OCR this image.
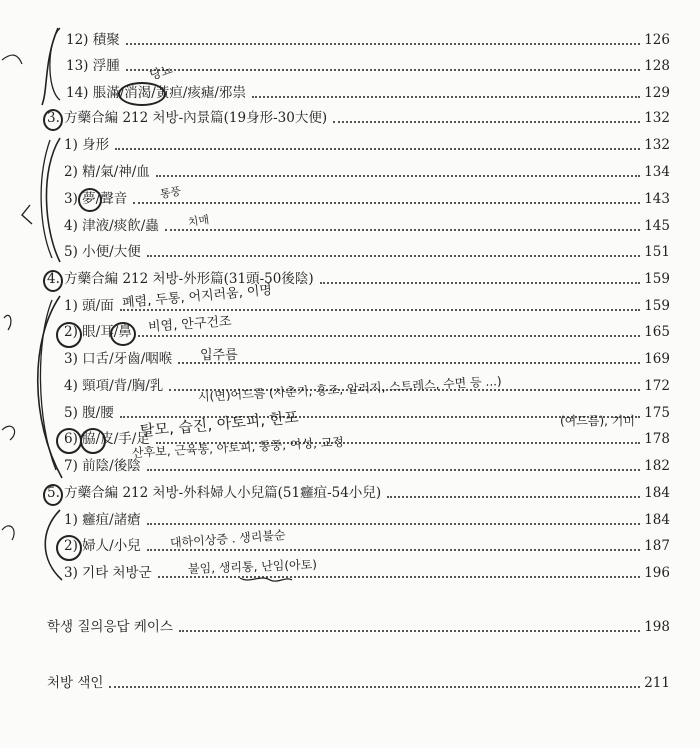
12) 積聚	126
13) 浮腫	128
14) 脹滿/消渴/黃疸/痎瘧/邪祟	129
3. 方藥合編 212 처방-內景篇(19身形-30大便)	132
1) 身形	132
2) 精/氣/神/血	134
3) 夢/聲音	143
4) 津液/痰飮/蟲	145
5) 小便/大便	151
4. 方藥合編 212 처방-外形篇(31頭-50後陰)	159
1) 頭/面	159
2) 眼/耳/鼻	165
3) 口舌/牙齒/咽喉	169
4) 頸項/背/胸/乳	172
5) 腹/腰	175
6) 脇/皮/手/足	178
7) 前陰/後陰	182
5. 方藥合編 212 처방-外科婦人小兒篇(51癰疽-54小兒)	184
1) 癰疽/諸瘡	184
2) 婦人/小兒	187
3) 기타 처방군	196
학생 질의응답 케이스	198
처방 색인	211
당뇨
통풍
치매
폐렴, 두통, 어지러움, 이명
비염, 안구건조
입주름
시(면)어드름 (사춘기, 홍조, 알러지, 스트레스, 수면 등 ...)
탈모, 습진, 아토피, 한포	(여드름), 기미
산후보, 근육통, 아토피, 통풍, 여성, 교정
대하이상증 . 생리불순
불임, 생리통, 난임(아토)
